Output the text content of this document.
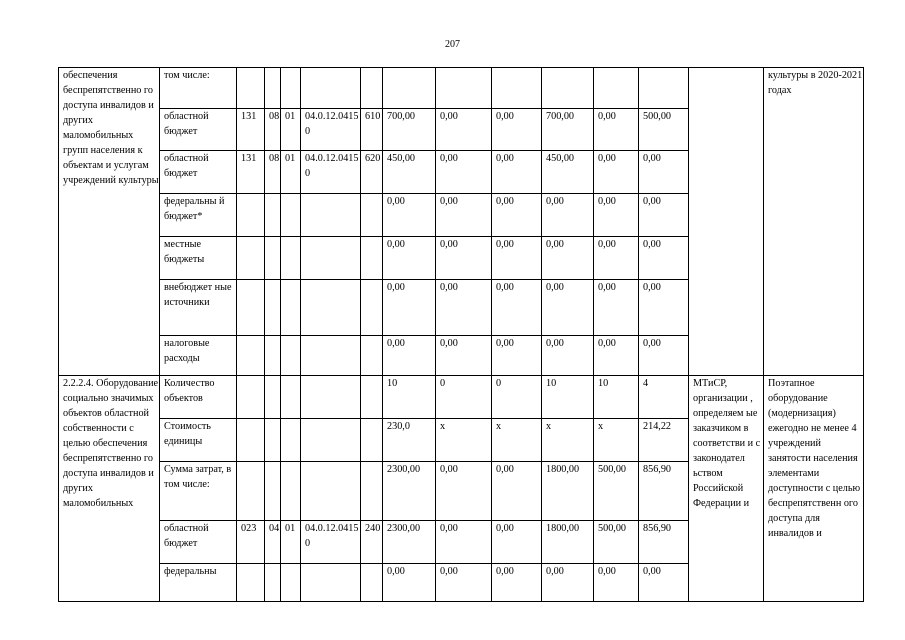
207
обеспечения беспрепятственно го доступа инвалидов и других маломобильных групп населения к объектам и услугам учреждений культуры	том числе:													культуры в 2020-2021 годах
	областной бюджет	131	08	01	04.0.12.04150	610	700,00	0,00	0,00	700,00	0,00	500,00		
	областной бюджет	131	08	01	04.0.12.04150	620	450,00	0,00	0,00	450,00	0,00	0,00		
	федеральны й бюджет*						0,00	0,00	0,00	0,00	0,00	0,00		
	местные бюджеты						0,00	0,00	0,00	0,00	0,00	0,00		
	внебюджет ные источники						0,00	0,00	0,00	0,00	0,00	0,00		
	налоговые расходы						0,00	0,00	0,00	0,00	0,00	0,00		
2.2.2.4. Оборудование социально значимых объектов областной собственности с целью обеспечения беспрепятственно го доступа инвалидов и других маломобильных	Количество объектов						10	0	0	10	10	4	МТиСР, организации , определяем ые заказчиком в соответстви и с законодател ьством Российской Федерации и	Поэтапное оборудование (модернизация) ежегодно не менее 4 учреждений занятости населения элементами доступности с целью беспрепятственн ого доступа для инвалидов и
	Стоимость единицы						230,0	х	х	х	х	214,22		
	Сумма затрат, в том числе:						2300,00	0,00	0,00	1800,00	500,00	856,90		
	областной бюджет	023	04	01	04.0.12.04150	240	2300,00	0,00	0,00	1800,00	500,00	856,90		
	федеральны						0,00	0,00	0,00	0,00	0,00	0,00		
